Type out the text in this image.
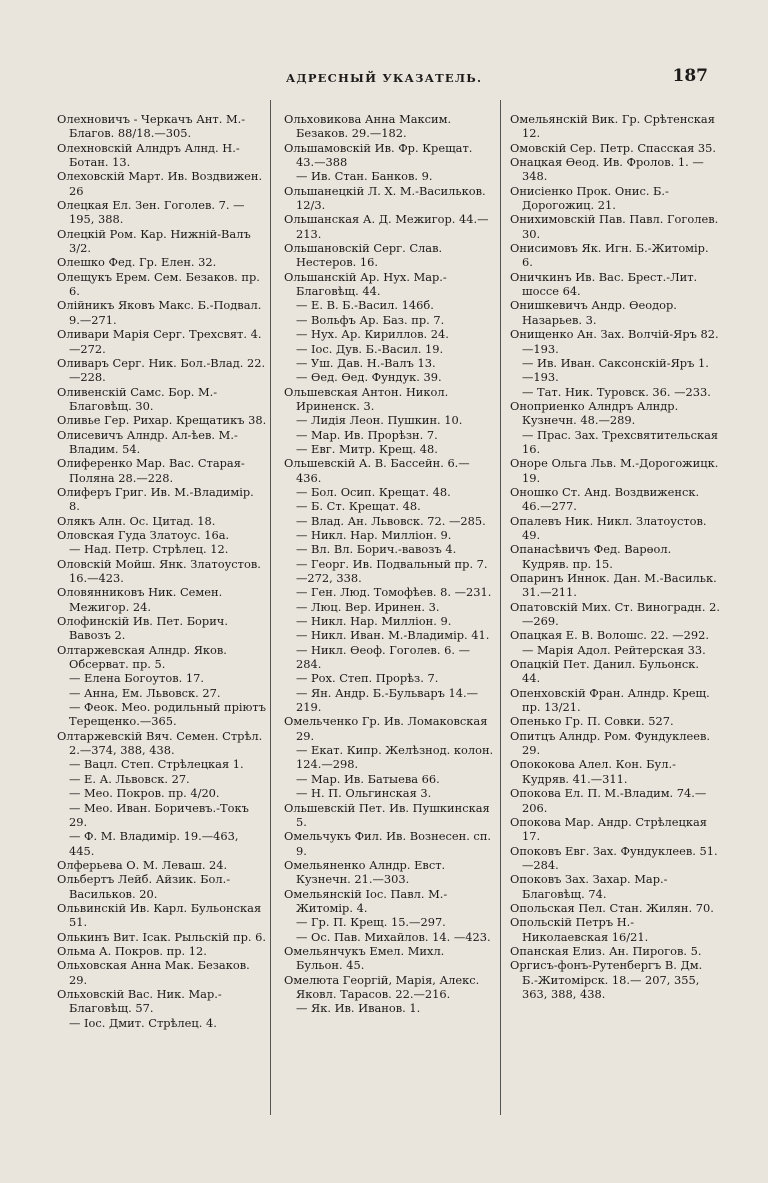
АДРЕСНЫЙ УКАЗАТЕЛЬ.	187
Олехновичъ - Черкачъ Ант. М.-Благов. 88/18.—305.
Олехновскій Алндръ Алнд. Н.-Ботан. 13.
Олеховскій Март. Ив. Воздвижен. 26
Олецкая Ел. Зен. Гоголев. 7. —195, 388.
Олецкій Ром. Кар. Нижній-Валъ 3/2.
Олешко Фед. Гр. Елен. 32.
Олещукъ Ерем. Сем. Безаков. пр. 6.
Олійникъ Яковъ Макс. Б.-Подвал. 9.—271.
Оливари Марія Серг. Трехсвят. 4.—272.
Оливаръ Серг. Ник. Бол.-Влад. 22.—228.
Оливенскій Самс. Бор. М.-Благовѣщ. 30.
Оливье Гер. Рихар. Крещатикъ 38.
Олисевичъ Алндр. Ал-ѣев. М.-Владим. 54.
Олиференко Мар. Вас. Старая-Поляна 28.—228.
Олиферъ Григ. Ив. М.-Владимір. 8.
Олякъ Алн. Ос. Цитад. 18.
Оловская Гуда Златоус. 16а.
— Над. Петр. Стрѣлец. 12.
Оловскій Мойш. Янк. Златоустов. 16.—423.
Оловянниковъ Ник. Семен. Межигор. 24.
Олофинскій Ив. Пет. Борич. Вавозъ 2.
Олтаржевская Алндр. Яков. Обсерват. пр. 5.
— Елена Богоутов. 17.
— Анна, Ем. Львовск. 27.
— Феок. Мео. родильный пріютъ Терещенко.—365.
Олтаржевскій Вяч. Семен. Стрѣл. 2.—374, 388, 438.
— Вацл. Степ. Стрѣлецкая 1.
— Е. А. Львовск. 27.
— Мео. Покров. пр. 4/20.
— Мео. Иван. Боричевъ.-Токъ 29.
— Ф. М. Владимір. 19.—463, 445.
Олферьева О. М. Леваш. 24.
Ольбертъ Лейб. Айзик. Бол.-Васильков. 20.
Ольвинскій Ив. Карл. Бульонская 51.
Олькинъ Вит. Ісак. Рыльскій пр. 6.
Ольма А. Покров. пр. 12.
Ольховская Анна Мак. Безаков. 29.
Ольховскій Вас. Ник. Мар.-Благовѣщ. 57.
— Іос. Дмит. Стрѣлец. 4.
Ольховикова Анна Максим. Безаков. 29.—182.
Ольшамовскій Ив. Фр. Крещат. 43.—388
— Ив. Стан. Банков. 9.
Ольшанецкій Л. Х. М.-Васильков. 12/3.
Ольшанская А. Д. Межигор. 44.—213.
Ольшановскій Серг. Слав. Нестеров. 16.
Ольшанскій Ар. Нух. Мар.-Благовѣщ. 44.
— Е. В. Б.-Васил. 146б.
— Вольфъ Ар. Баз. пр. 7.
— Нух. Ар. Кириллов. 24.
— Іос. Дув. Б.-Васил. 19.
— Уш. Дав. Н.-Валъ 13.
— Өед. Өед. Фундук. 39.
Ольшевская Антон. Никол. Ириненск. 3.
— Лидія Леон. Пушкин. 10.
— Мар. Ив. Прорѣзн. 7.
— Евг. Митр. Крещ. 48.
Ольшевскій А. В. Бассейн. 6.—436.
— Бол. Осип. Крещат. 48.
— Б. Ст. Крещат. 48.
— Влад. Ан. Львовск. 72. —285.
— Никл. Нар. Милліон. 9.
— Вл. Вл. Борич.-вавозъ 4.
— Георг. Ив. Подвальный пр. 7.—272, 338.
— Ген. Люд. Томофѣев. 8. —231.
— Люц. Вер. Иринен. 3.
— Никл. Нар. Милліон. 9.
— Никл. Иван. М.-Владимір. 41.
— Никл. Өеоф. Гоголев. 6. —284.
— Рох. Степ. Прорѣз. 7.
— Ян. Андр. Б.-Бульваръ 14.—219.
Омельченко Гр. Ив. Ломаковская 29.
— Екат. Кипр. Желѣзнод. колон. 124.—298.
— Мар. Ив. Батыева 66.
— Н. П. Ольгинская 3.
Ольшевскій Пет. Ив. Пушкинская 5.
Омельчукъ Фил. Ив. Вознесен. сп. 9.
Омельяненко Алндр. Евст. Кузнечн. 21.—303.
Омельянскій Іос. Павл. М.-Житомір. 4.
— Гр. П. Крещ. 15.—297.
— Ос. Пав. Михайлов. 14. —423.
Омельянчукъ Емел. Михл. Бульон. 45.
Омелюта Георгій, Марія, Алекс. Яковл. Тарасов. 22.—216.
— Як. Ив. Иванов. 1.
Омельянскій Вик. Гр. Срѣтенская 12.
Омовскій Сер. Петр. Спасская 35.
Онацкая Өеод. Ив. Фролов. 1. —348.
Онисіенко Прок. Онис. Б.-Дорогожиц. 21.
Онихимовскій Пав. Павл. Гоголев. 30.
Онисимовъ Як. Игн. Б.-Житомір. 6.
Оничкинъ Ив. Вас. Брест.-Лит. шоссе 64.
Онишкевичъ Андр. Өеодор. Назарьев. 3.
Онищенко Ан. Зах. Волчій-Яръ 82.—193.
— Ив. Иван. Саксонскій-Яръ 1.—193.
— Тат. Ник. Туровск. 36. —233.
Оноприенко Алндръ Алндр. Кузнечн. 48.—289.
— Прас. Зах. Трехсвятительская 16.
Оноре Ольга Льв. М.-Дорогожицк. 19.
Оношко Ст. Анд. Воздвиженск. 46.—277.
Опалевъ Ник. Никл. Златоустов. 49.
Опанасѣвичъ Фед. Варөол. Кудряв. пр. 15.
Опаринъ Иннок. Дан. М.-Васильк. 31.—211.
Опатовскій Мих. Ст. Виноградн. 2.—269.
Опацкая Е. В. Волошс. 22. —292.
— Марія Адол. Рейтерская 33.
Опацкій Пет. Данил. Бульонск. 44.
Опенховскій Фран. Алндр. Крещ. пр. 13/21.
Опенько Гр. П. Совки. 527.
Опитцъ Алндр. Ром. Фундуклеев. 29.
Опококова Алел. Кон. Бул.-Кудряв. 41.—311.
Опокова Ел. П. М.-Владим. 74.—206.
Опокова Мар. Андр. Стрѣлецкая 17.
Опоковъ Евг. Зах. Фундуклеев. 51.—284.
Опоковъ Зах. Захар. Мар.-Благовѣщ. 74.
Опольская Пел. Стан. Жилян. 70.
Опольскій Петръ Н.-Николаевская 16/21.
Опанская Елиз. Ан. Пирогов. 5.
Оргисъ-фонъ-Рутенбергъ В. Дм. Б.-Житомірск. 18.— 207, 355, 363, 388, 438.
